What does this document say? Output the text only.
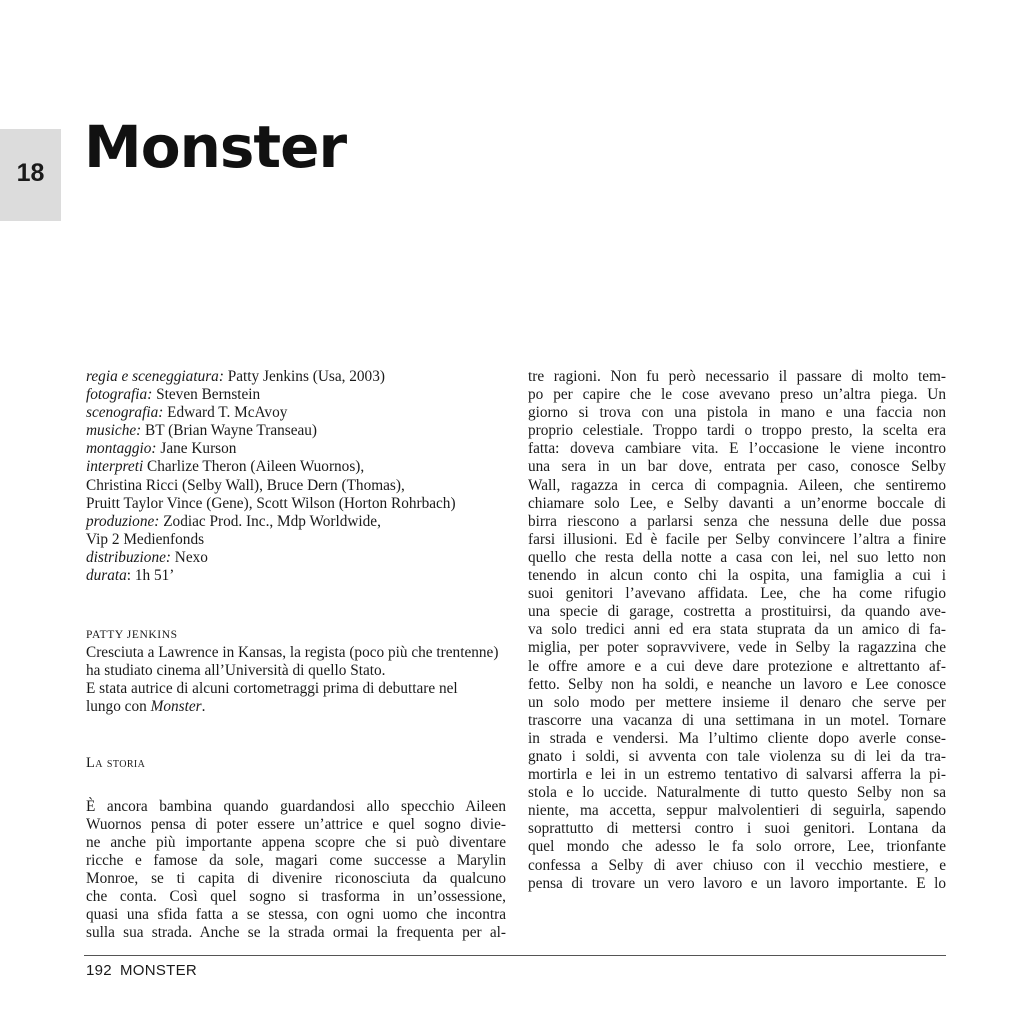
18 Monster
regia e sceneggiatura: Patty Jenkins (Usa, 2003)
fotografia: Steven Bernstein
scenografia: Edward T. McAvoy
musiche: BT (Brian Wayne Transeau)
montaggio: Jane Kurson
interpreti Charlize Theron (Aileen Wuornos),
Christina Ricci (Selby Wall), Bruce Dern (Thomas),
Pruitt Taylor Vince (Gene), Scott Wilson (Horton Rohrbach)
produzione: Zodiac Prod. Inc., Mdp Worldwide,
Vip 2 Medienfonds
distribuzione: Nexo
durata: 1h 51’
PATTY JENKINS
Cresciuta a Lawrence in Kansas, la regista (poco più che trentenne)
ha studiato cinema all’Università di quello Stato.
E stata autrice di alcuni cortometraggi prima di debuttare nel lungo con Monster.
La storia
È ancora bambina quando guardandosi allo specchio Aileen
Wuornos pensa di poter essere un’attrice e quel sogno divie-
ne anche più importante appena scopre che si può diventare
ricche e famose da sole, magari come successe a Marylin
Monroe, se ti capita di divenire riconosciuta da qualcuno
che conta. Così quel sogno si trasforma in un’ossessione,
quasi una sfida fatta a se stessa, con ogni uomo che incontra
sulla sua strada. Anche se la strada ormai la frequenta per al-
tre ragioni. Non fu però necessario il passare di molto tem-
po per capire che le cose avevano preso un’altra piega. Un
giorno si trova con una pistola in mano e una faccia non
proprio celestiale. Troppo tardi o troppo presto, la scelta era
fatta: doveva cambiare vita. E l’occasione le viene incontro
una sera in un bar dove, entrata per caso, conosce Selby
Wall, ragazza in cerca di compagnia. Aileen, che sentiremo
chiamare solo Lee, e Selby davanti a un’enorme boccale di
birra riescono a parlarsi senza che nessuna delle due possa
farsi illusioni. Ed è facile per Selby convincere l’altra a finire
quello che resta della notte a casa con lei, nel suo letto non
tenendo in alcun conto chi la ospita, una famiglia a cui i
suoi genitori l’avevano affidata. Lee, che ha come rifugio
una specie di garage, costretta a prostituirsi, da quando ave-
va solo tredici anni ed era stata stuprata da un amico di fa-
miglia, per poter sopravvivere, vede in Selby la ragazzina che
le offre amore e a cui deve dare protezione e altrettanto af-
fetto. Selby non ha soldi, e neanche un lavoro e Lee conosce
un solo modo per mettere insieme il denaro che serve per
trascorre una vacanza di una settimana in un motel. Tornare
in strada e vendersi. Ma l’ultimo cliente dopo averle conse-
gnato i soldi, si avventa con tale violenza su di lei da tra-
mortirla e lei in un estremo tentativo di salvarsi afferra la pi-
stola e lo uccide. Naturalmente di tutto questo Selby non sa
niente, ma accetta, seppur malvolentieri di seguirla, sapendo
soprattutto di mettersi contro i suoi genitori. Lontana da
quel mondo che adesso le fa solo orrore, Lee, trionfante
confessa a Selby di aver chiuso con il vecchio mestiere, e
pensa di trovare un vero lavoro e un lavoro importante. E lo
192 MONSTER
